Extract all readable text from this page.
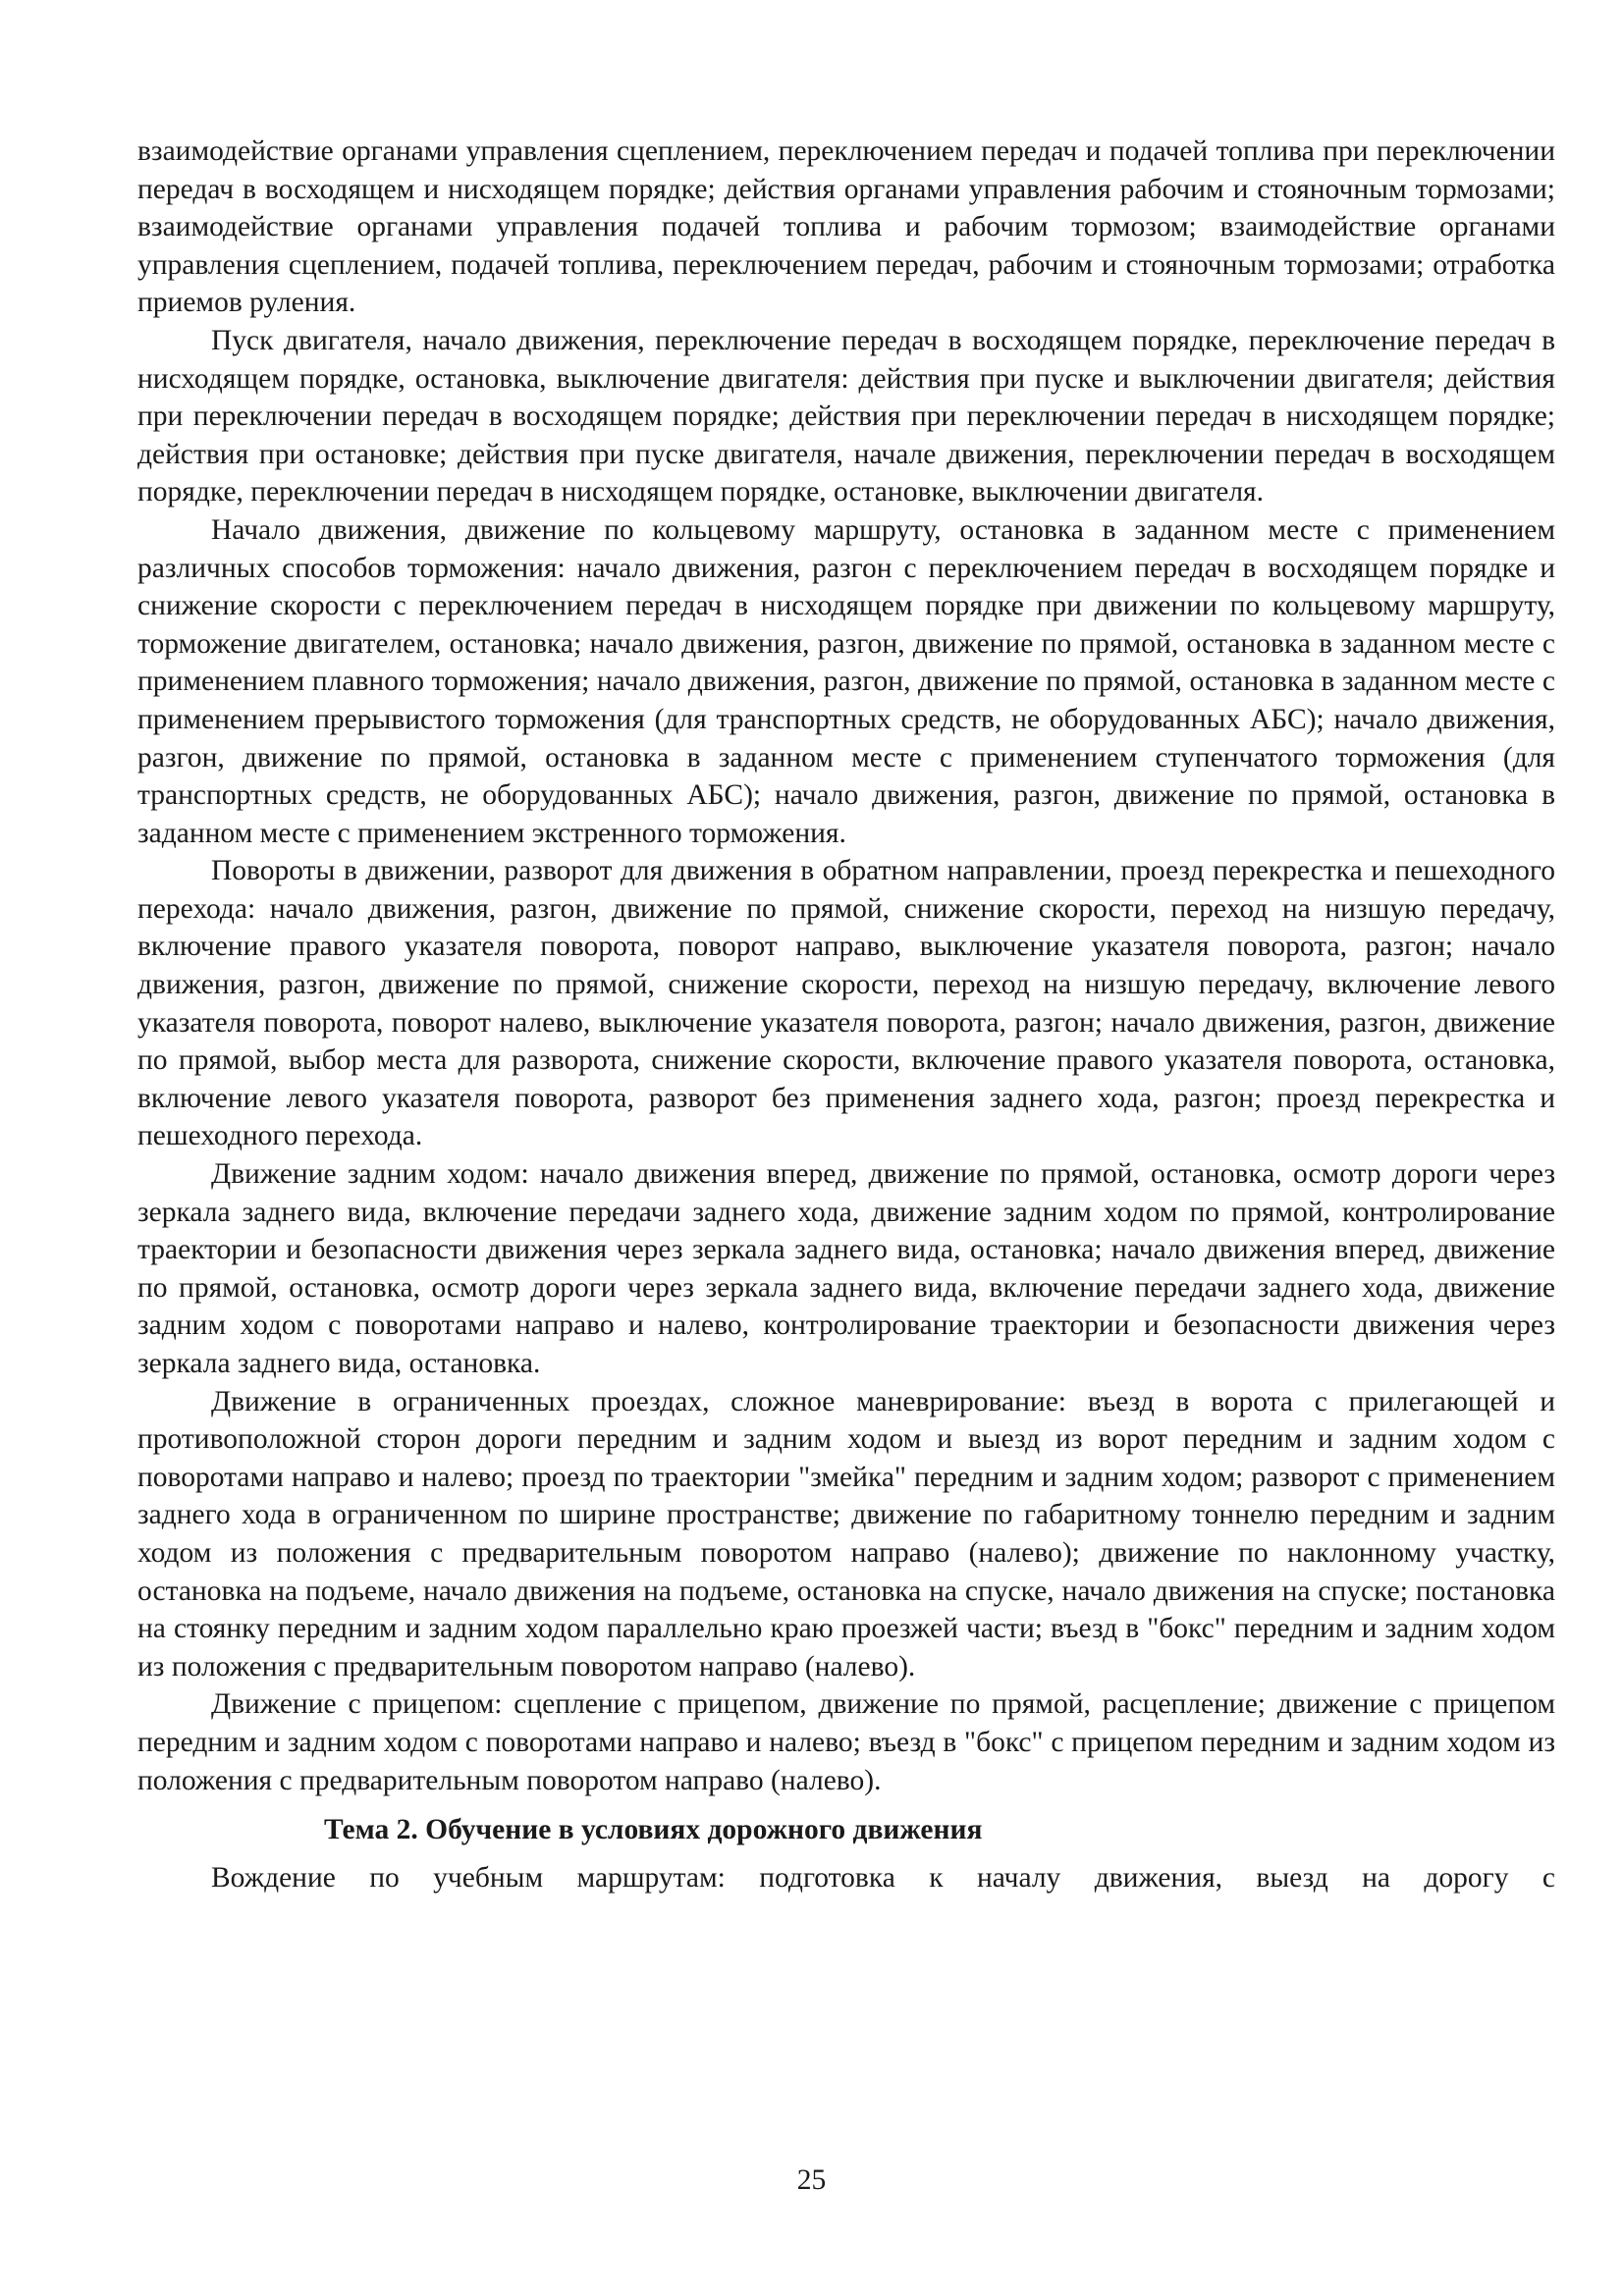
взаимодействие органами управления сцеплением, переключением передач и подачей топлива при переключении передач в восходящем и нисходящем порядке; действия органами управления рабочим и стояночным тормозами; взаимодействие органами управления подачей топлива и рабочим тормозом; взаимодействие органами управления сцеплением, подачей топлива, переключением передач, рабочим и стояночным тормозами; отработка приемов руления.

Пуск двигателя, начало движения, переключение передач в восходящем порядке, переключение передач в нисходящем порядке, остановка, выключение двигателя: действия при пуске и выключении двигателя; действия при переключении передач в восходящем порядке; действия при переключении передач в нисходящем порядке; действия при остановке; действия при пуске двигателя, начале движения, переключении передач в восходящем порядке, переключении передач в нисходящем порядке, остановке, выключении двигателя.

Начало движения, движение по кольцевому маршруту, остановка в заданном месте с применением различных способов торможения: начало движения, разгон с переключением передач в восходящем порядке и снижение скорости с переключением передач в нисходящем порядке при движении по кольцевому маршруту, торможение двигателем, остановка; начало движения, разгон, движение по прямой, остановка в заданном месте с применением плавного торможения; начало движения, разгон, движение по прямой, остановка в заданном месте с применением прерывистого торможения (для транспортных средств, не оборудованных АБС); начало движения, разгон, движение по прямой, остановка в заданном месте с применением ступенчатого торможения (для транспортных средств, не оборудованных АБС); начало движения, разгон, движение по прямой, остановка в заданном месте с применением экстренного торможения.

Повороты в движении, разворот для движения в обратном направлении, проезд перекрестка и пешеходного перехода: начало движения, разгон, движение по прямой, снижение скорости, переход на низшую передачу, включение правого указателя поворота, поворот направо, выключение указателя поворота, разгон; начало движения, разгон, движение по прямой, снижение скорости, переход на низшую передачу, включение левого указателя поворота, поворот налево, выключение указателя поворота, разгон; начало движения, разгон, движение по прямой, выбор места для разворота, снижение скорости, включение правого указателя поворота, остановка, включение левого указателя поворота, разворот без применения заднего хода, разгон; проезд перекрестка и пешеходного перехода.

Движение задним ходом: начало движения вперед, движение по прямой, остановка, осмотр дороги через зеркала заднего вида, включение передачи заднего хода, движение задним ходом по прямой, контролирование траектории и безопасности движения через зеркала заднего вида, остановка; начало движения вперед, движение по прямой, остановка, осмотр дороги через зеркала заднего вида, включение передачи заднего хода, движение задним ходом с поворотами направо и налево, контролирование траектории и безопасности движения через зеркала заднего вида, остановка.

Движение в ограниченных проездах, сложное маневрирование: въезд в ворота с прилегающей и противоположной сторон дороги передним и задним ходом и выезд из ворот передним и задним ходом с поворотами направо и налево; проезд по траектории "змейка" передним и задним ходом; разворот с применением заднего хода в ограниченном по ширине пространстве; движение по габаритному тоннелю передним и задним ходом из положения с предварительным поворотом направо (налево); движение по наклонному участку, остановка на подъеме, начало движения на подъеме, остановка на спуске, начало движения на спуске; постановка на стоянку передним и задним ходом параллельно краю проезжей части; въезд в "бокс" передним и задним ходом из положения с предварительным поворотом направо (налево).

Движение с прицепом: сцепление с прицепом, движение по прямой, расцепление; движение с прицепом передним и задним ходом с поворотами направо и налево; въезд в "бокс" с прицепом передним и задним ходом из положения с предварительным поворотом направо (налево).

Тема 2. Обучение в условиях дорожного движения

Вождение по учебным маршрутам: подготовка к началу движения, выезд на дорогу с

25
